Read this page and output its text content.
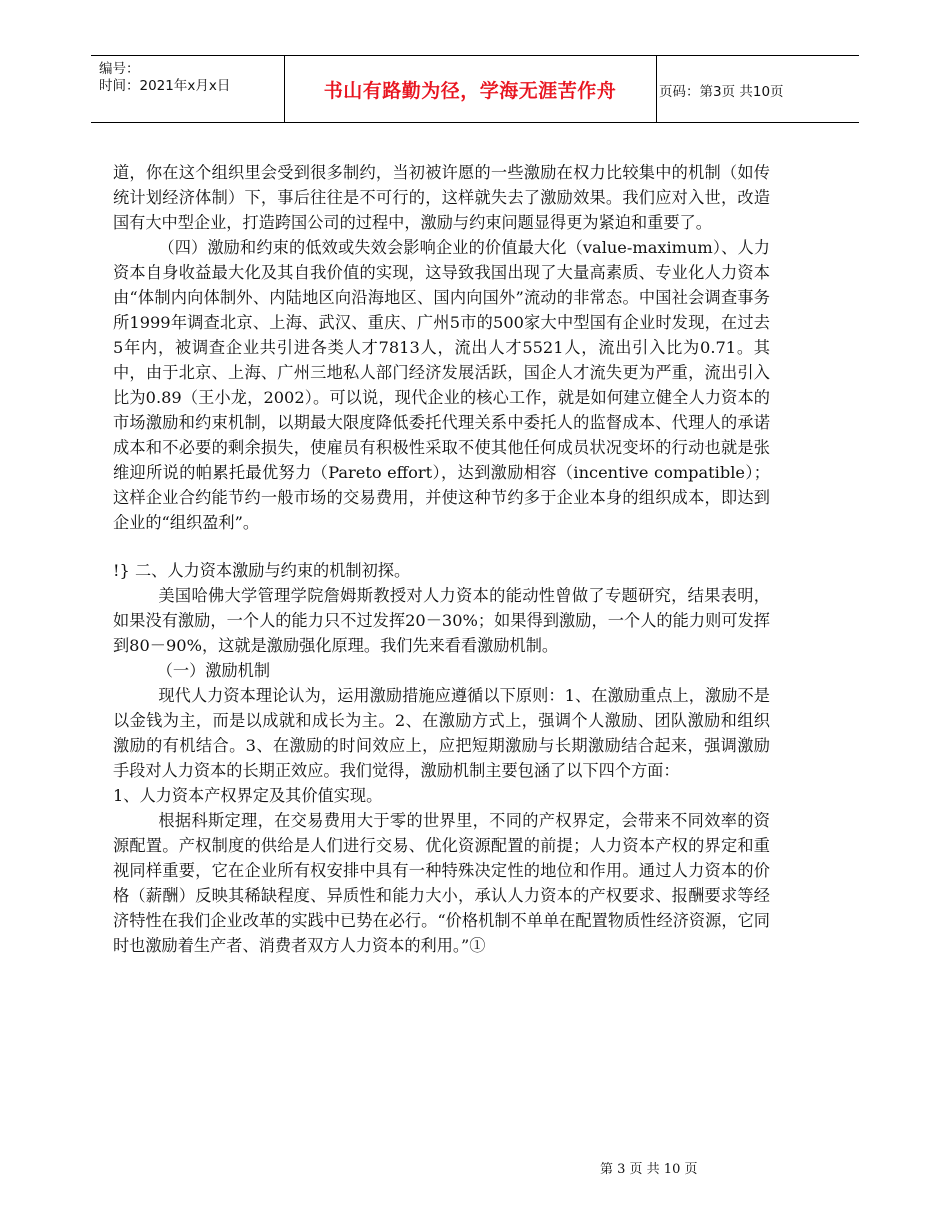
编号：
时间：2021年x月x日	书山有路勤为径，学海无涯苦作舟	页码：第3页 共10页

道，你在这个组织里会受到很多制约，当初被许愿的一些激励在权力比较集中的机制（如传统计划经济体制）下，事后往往是不可行的，这样就失去了激励效果。我们应对入世，改造国有大中型企业，打造跨国公司的过程中，激励与约束问题显得更为紧迫和重要了。

（四）激励和约束的低效或失效会影响企业的价值最大化（value-maximum）、人力资本自身收益最大化及其自我价值的实现，这导致我国出现了大量高素质、专业化人力资本由“体制内向体制外、内陆地区向沿海地区、国内向国外”流动的非常态。中国社会调查事务所1999年调查北京、上海、武汉、重庆、广州5市的500家大中型国有企业时发现，在过去5年内，被调查企业共引进各类人才7813人，流出人才5521人，流出引入比为0.71。其中，由于北京、上海、广州三地私人部门经济发展活跃，国企人才流失更为严重，流出引入比为0.89（王小龙，2002）。可以说，现代企业的核心工作，就是如何建立健全人力资本的市场激励和约束机制，以期最大限度降低委托代理关系中委托人的监督成本、代理人的承诺成本和不必要的剩余损失，使雇员有积极性采取不使其他任何成员状况变坏的行动也就是张维迎所说的帕累托最优努力（Pareto effort），达到激励相容（incentive compatible）；这样企业合约能节约一般市场的交易费用，并使这种节约多于企业本身的组织成本，即达到企业的“组织盈利”。

!} 二、人力资本激励与约束的机制初探。

美国哈佛大学管理学院詹姆斯教授对人力资本的能动性曾做了专题研究，结果表明，如果没有激励，一个人的能力只不过发挥20－30%；如果得到激励，一个人的能力则可发挥到80－90%，这就是激励强化原理。我们先来看看激励机制。

（一）激励机制

现代人力资本理论认为，运用激励措施应遵循以下原则：1、在激励重点上，激励不是以金钱为主，而是以成就和成长为主。2、在激励方式上，强调个人激励、团队激励和组织激励的有机结合。3、在激励的时间效应上，应把短期激励与长期激励结合起来，强调激励手段对人力资本的长期正效应。我们觉得，激励机制主要包涵了以下四个方面：

1、人力资本产权界定及其价值实现。

根据科斯定理，在交易费用大于零的世界里，不同的产权界定，会带来不同效率的资源配置。产权制度的供给是人们进行交易、优化资源配置的前提；人力资本产权的界定和重视同样重要，它在企业所有权安排中具有一种特殊决定性的地位和作用。通过人力资本的价格（薪酬）反映其稀缺程度、异质性和能力大小，承认人力资本的产权要求、报酬要求等经济特性在我们企业改革的实践中已势在必行。“价格机制不单单在配置物质性经济资源，它同时也激励着生产者、消费者双方人力资本的利用。”①

第 3 页 共 10 页
